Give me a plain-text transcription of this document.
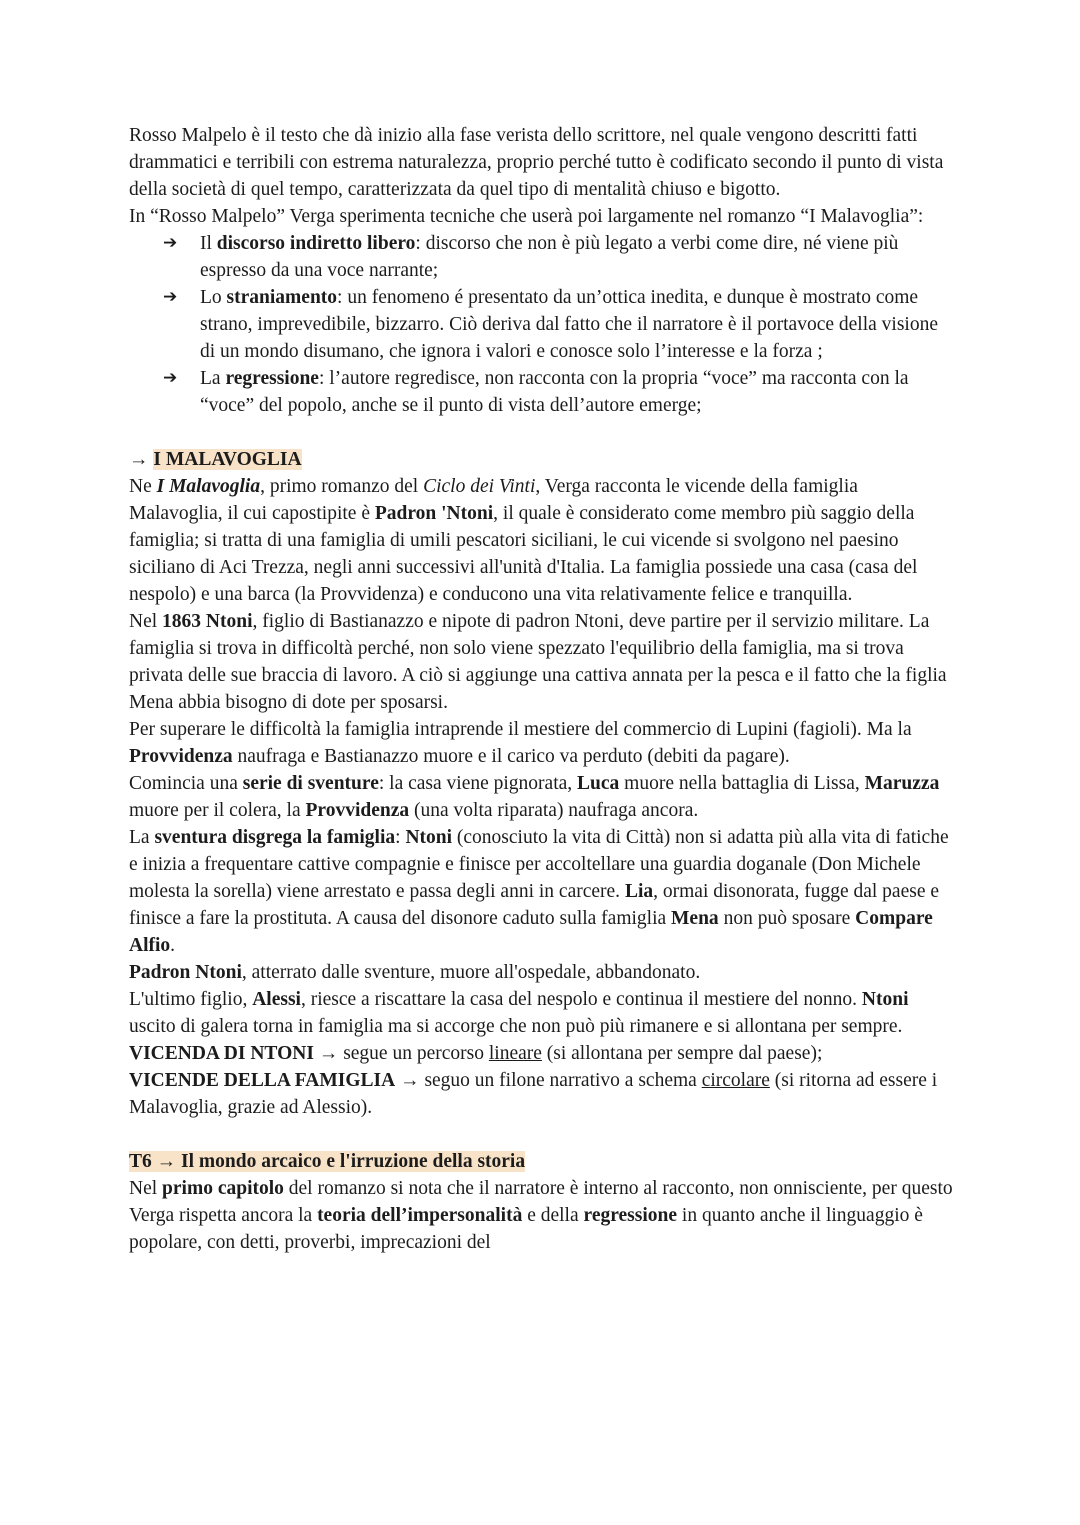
Rosso Malpelo è il testo che dà inizio alla fase verista dello scrittore, nel quale vengono descritti fatti drammatici e terribili con estrema naturalezza, proprio perché tutto è codificato secondo il punto di vista della società di quel tempo, caratterizzata da quel tipo di mentalità chiuso e bigotto.
In “Rosso Malpelo” Verga sperimenta tecniche che userà poi largamente nel romanzo “I Malavoglia”:
➔ Il discorso indiretto libero: discorso che non è più legato a verbi come dire, né viene più espresso da una voce narrante;
➔ Lo straniamento: un fenomeno é presentato da un’ottica inedita, e dunque è mostrato come strano, imprevedibile, bizzarro. Ciò deriva dal fatto che il narratore è il portavoce della visione di un mondo disumano, che ignora i valori e conosce solo l’interesse e la forza ;
➔ La regressione: l’autore regredisce, non racconta con la propria “voce” ma racconta con la “voce” del popolo, anche se il punto di vista dell’autore emerge;
→ I MALAVOGLIA
Ne I Malavoglia, primo romanzo del Ciclo dei Vinti, Verga racconta le vicende della famiglia Malavoglia, il cui capostipite è Padron 'Ntoni, il quale è considerato come membro più saggio della famiglia; si tratta di una famiglia di umili pescatori siciliani, le cui vicende si svolgono nel paesino siciliano di Aci Trezza, negli anni successivi all'unità d'Italia. La famiglia possiede una casa (casa del nespolo) e una barca (la Provvidenza) e conducono una vita relativamente felice e tranquilla.
Nel 1863 Ntoni, figlio di Bastianazzo e nipote di padron Ntoni, deve partire per il servizio militare. La famiglia si trova in difficoltà perché, non solo viene spezzato l'equilibrio della famiglia, ma si trova privata delle sue braccia di lavoro. A ciò si aggiunge una cattiva annata per la pesca e il fatto che la figlia Mena abbia bisogno di dote per sposarsi.
Per superare le difficoltà la famiglia intraprende il mestiere del commercio di Lupini (fagioli). Ma la Provvidenza naufraga e Bastianazzo muore e il carico va perduto (debiti da pagare).
Comincia una serie di sventure: la casa viene pignorata, Luca muore nella battaglia di Lissa, Maruzza muore per il colera, la Provvidenza (una volta riparata) naufraga ancora.
La sventura disgrega la famiglia: Ntoni (conosciuto la vita di Città) non si adatta più alla vita di fatiche e inizia a frequentare cattive compagnie e finisce per accoltellare una guardia doganale (Don Michele molesta la sorella) viene arrestato e passa degli anni in carcere. Lia, ormai disonorata, fugge dal paese e finisce a fare la prostituta. A causa del disonore caduto sulla famiglia Mena non può sposare Compare Alfio.
Padron Ntoni, atterrato dalle sventure, muore all'ospedale, abbandonato.
L'ultimo figlio, Alessi, riesce a riscattare la casa del nespolo e continua il mestiere del nonno. Ntoni uscito di galera torna in famiglia ma si accorge che non può più rimanere e si allontana per sempre.
VICENDA DI NTONI → segue un percorso lineare (si allontana per sempre dal paese);
VICENDE DELLA FAMIGLIA → seguo un filone narrativo a schema circolare (si ritorna ad essere i Malavoglia, grazie ad Alessio).
T6 → Il mondo arcaico e l'irruzione della storia
Nel primo capitolo del romanzo si nota che il narratore è interno al racconto, non onnisciente, per questo Verga rispetta ancora la teoria dell’impersonalità e della regressione in quanto anche il linguaggio è popolare, con detti, proverbi, imprecazioni del
